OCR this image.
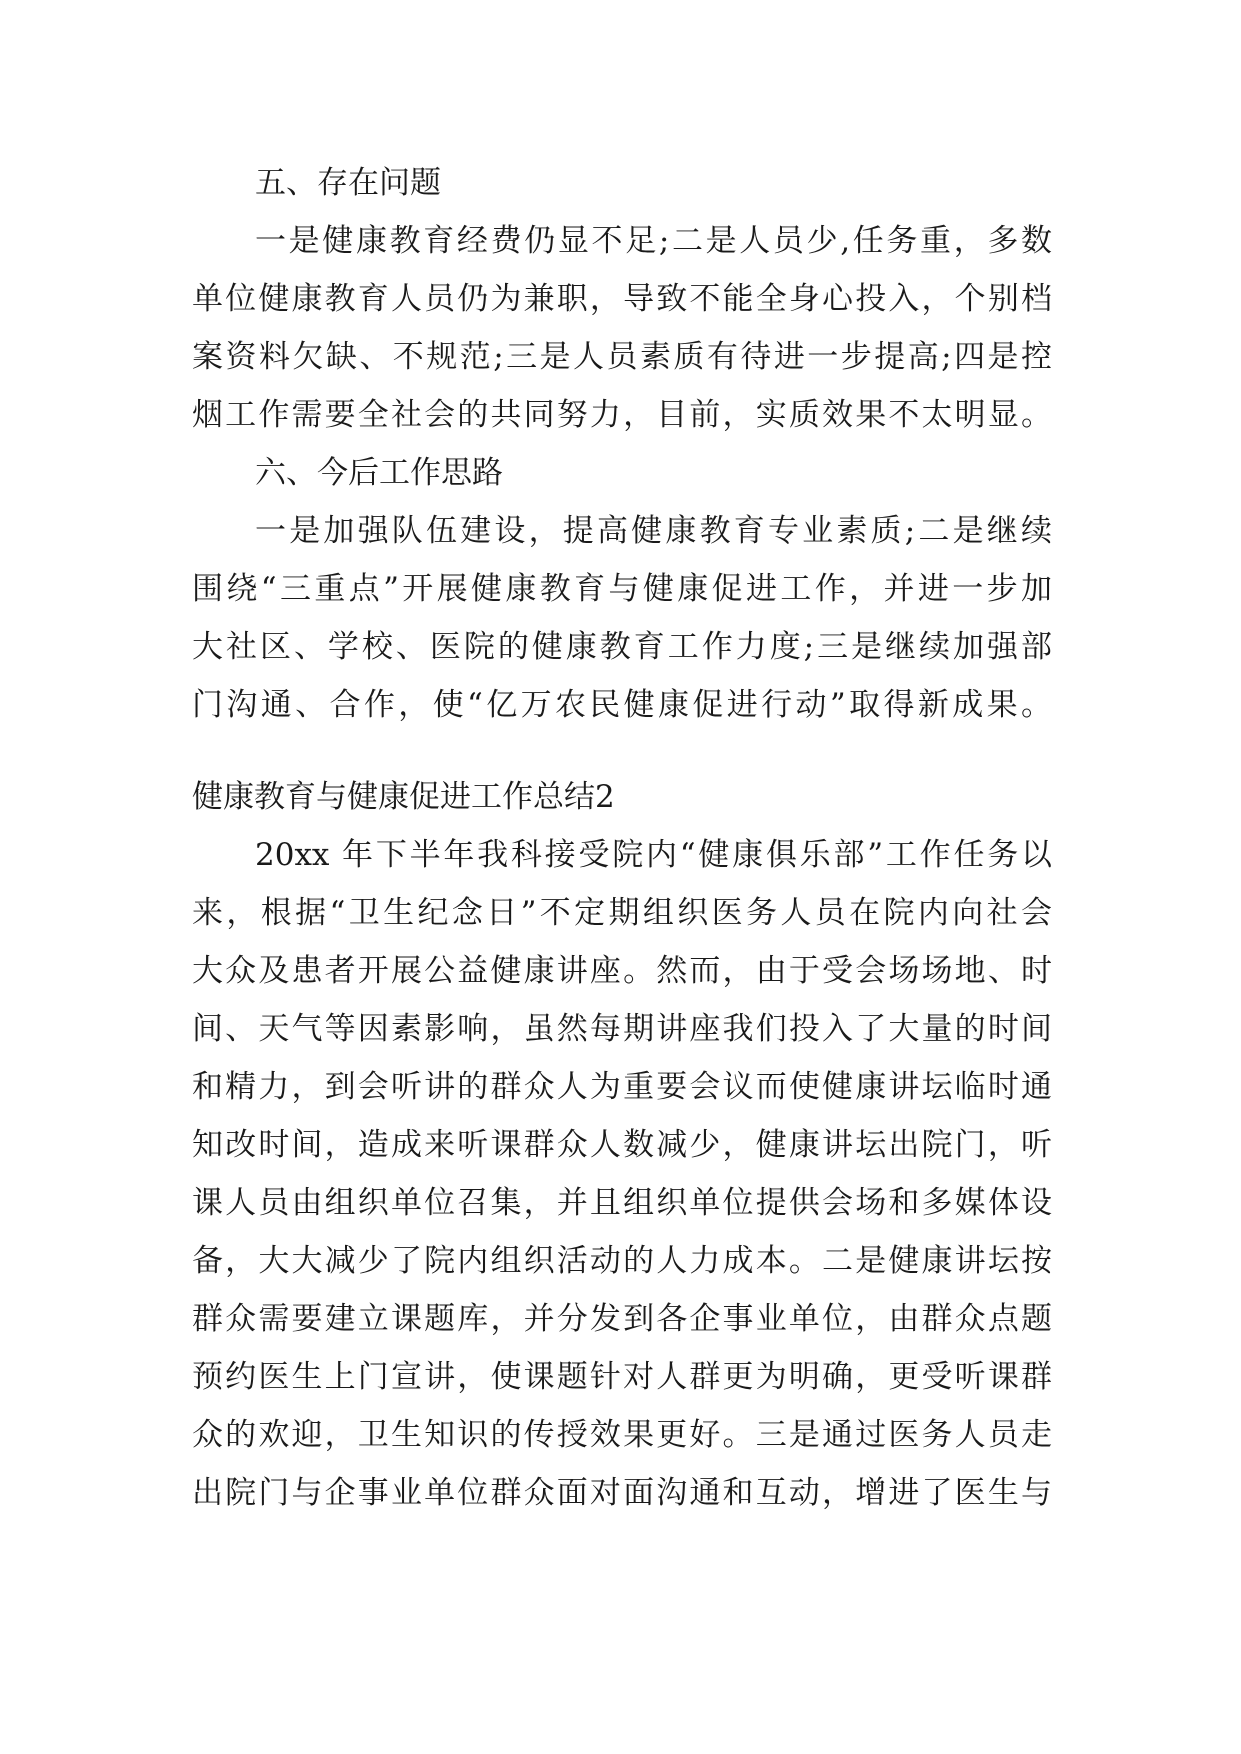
五、存在问题
一是健康教育经费仍显不足;二是人员少,任务重，多数
单位健康教育人员仍为兼职，导致不能全身心投入，个别档
案资料欠缺、不规范;三是人员素质有待进一步提高;四是控
烟工作需要全社会的共同努力，目前，实质效果不太明显。
六、今后工作思路
一是加强队伍建设，提高健康教育专业素质;二是继续
围绕“三重点”开展健康教育与健康促进工作，并进一步加
大社区、学校、医院的健康教育工作力度;三是继续加强部
门沟通、合作，使“亿万农民健康促进行动”取得新成果。
健康教育与健康促进工作总结2
20xx 年下半年我科接受院内“健康俱乐部”工作任务以
来，根据“卫生纪念日”不定期组织医务人员在院内向社会
大众及患者开展公益健康讲座。然而，由于受会场场地、时
间、天气等因素影响，虽然每期讲座我们投入了大量的时间
和精力，到会听讲的群众人为重要会议而使健康讲坛临时通
知改时间，造成来听课群众人数减少，健康讲坛出院门，听
课人员由组织单位召集，并且组织单位提供会场和多媒体设
备，大大减少了院内组织活动的人力成本。二是健康讲坛按
群众需要建立课题库，并分发到各企事业单位，由群众点题
预约医生上门宣讲，使课题针对人群更为明确，更受听课群
众的欢迎，卫生知识的传授效果更好。三是通过医务人员走
出院门与企事业单位群众面对面沟通和互动，增进了医生与
